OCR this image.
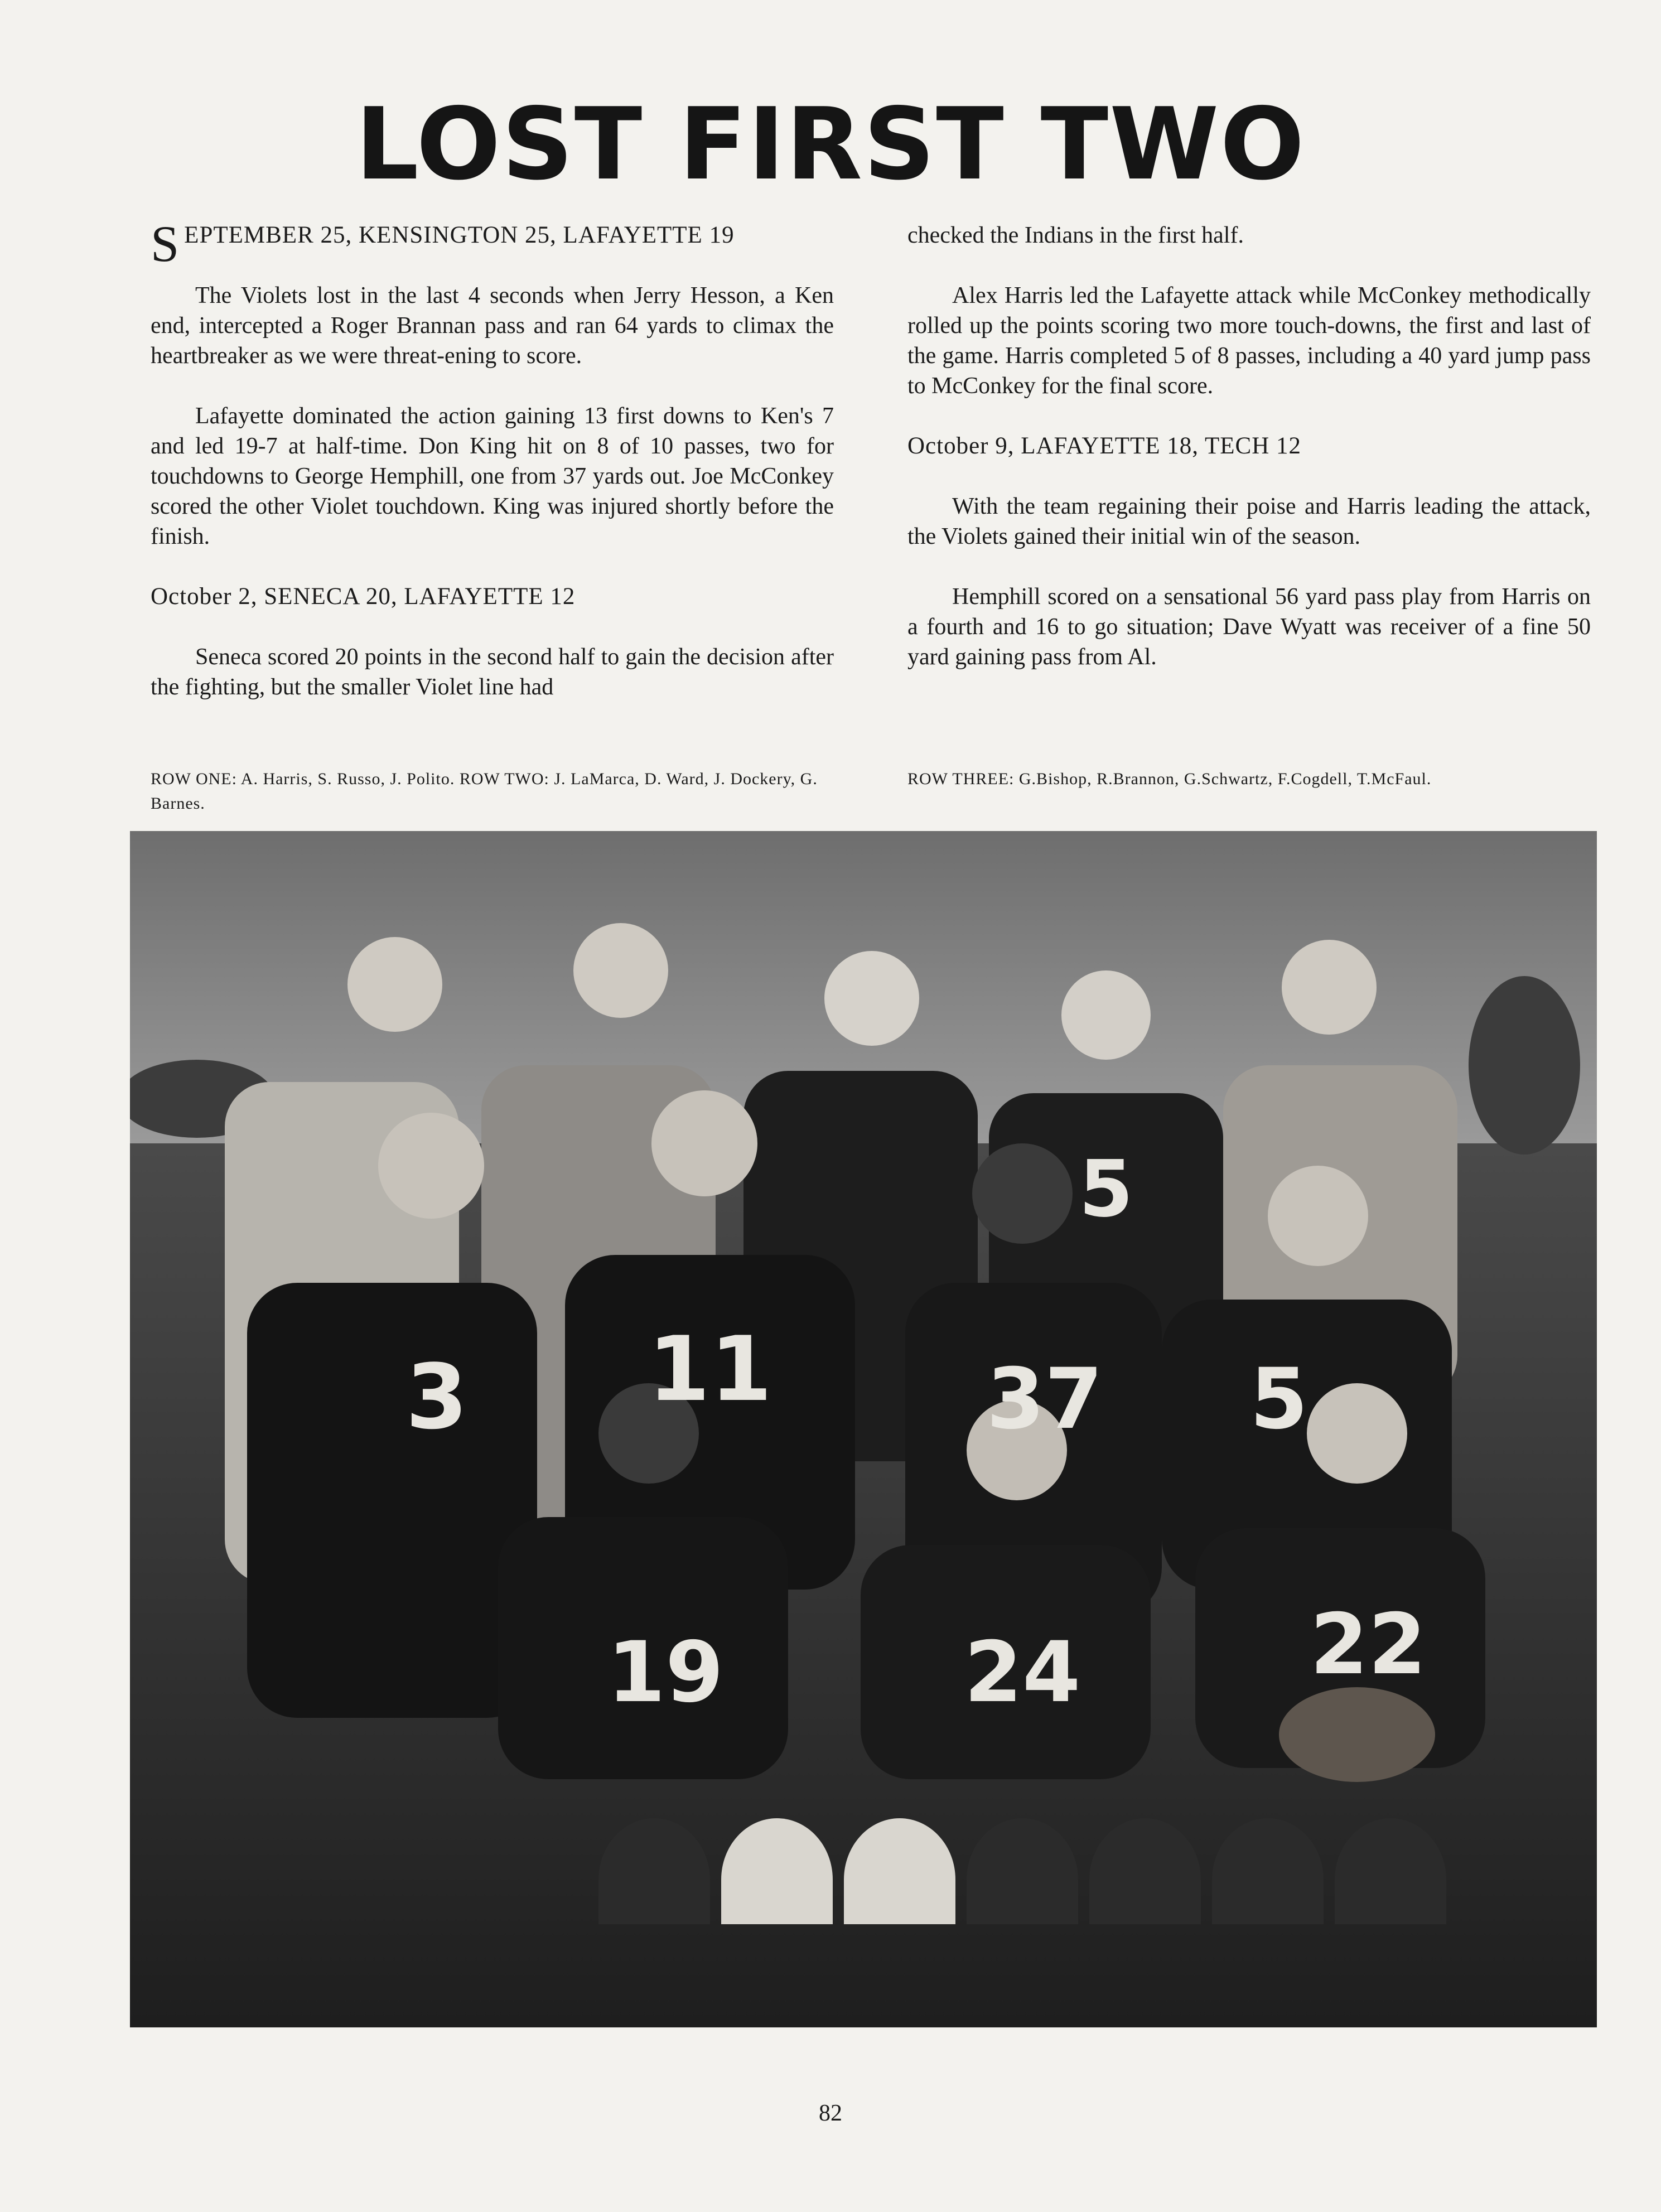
LOST FIRST TWO
SEPTEMBER 25, KENSINGTON 25, LAFAYETTE 19

The Violets lost in the last 4 seconds when Jerry Hesson, a Ken end, intercepted a Roger Brannan pass and ran 64 yards to climax the heartbreaker as we were threat-ening to score.

Lafayette dominated the action gaining 13 first downs to Ken's 7 and led 19-7 at half-time. Don King hit on 8 of 10 passes, two for touchdowns to George Hemphill, one from 37 yards out. Joe McConkey scored the other Violet touchdown. King was injured shortly before the finish.

October 2, SENECA 20, LAFAYETTE 12

Seneca scored 20 points in the second half to gain the decision after the fighting, but the smaller Violet line had

checked the Indians in the first half.

Alex Harris led the Lafayette attack while McConkey methodically rolled up the points scoring two more touch-downs, the first and last of the game. Harris completed 5 of 8 passes, including a 40 yard jump pass to McConkey for the final score.

October 9, LAFAYETTE 18, TECH 12

With the team regaining their poise and Harris leading the attack, the Violets gained their initial win of the season.

Hemphill scored on a sensational 56 yard pass play from Harris on a fourth and 16 to go situation; Dave Wyatt was receiver of a fine 50 yard gaining pass from Al.

ROW ONE: A. Harris, S. Russo, J. Polito. ROW TWO: J. LaMarca, D. Ward, J. Dockery, G. Barnes.
ROW THREE: G.Bishop, R.Brannon, G.Schwartz, F.Cogdell, T.McFaul.
5
3 11	37 5
19	24	22
82
